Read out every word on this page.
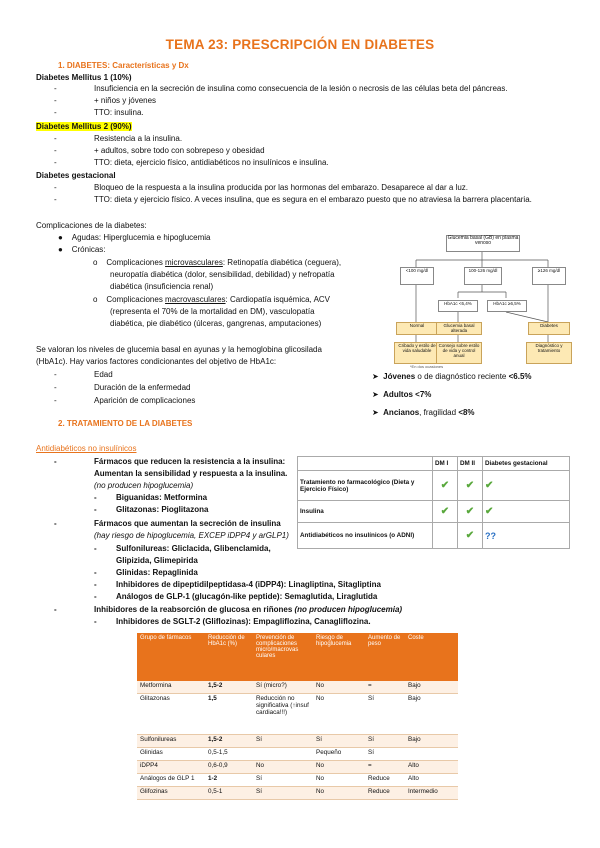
TEMA 23: PRESCRIPCIÓN EN DIABETES
1. DIABETES: Características y Dx
Diabetes Mellitus 1 (10%)
-	Insuficiencia en la secreción de insulina como consecuencia de la lesión o necrosis de las células beta del páncreas.
-	+ niños y jóvenes
-	TTO: insulina.
Diabetes Mellitus 2 (90%)
-	Resistencia a la insulina.
-	+ adultos, sobre todo con sobrepeso y obesidad
-	TTO: dieta, ejercicio físico, antidiabéticos no insulínicos e insulina.
Diabetes gestacional
-	Bloqueo de la respuesta a la insulina producida por las hormonas del embarazo. Desaparece al dar a luz.
-	TTO: dieta y ejercicio físico. A veces insulina, que es segura en el embarazo puesto que no atraviesa la barrera placentaria.
Complicaciones de la diabetes:
●    Agudas: Hiperglucemia e hipoglucemia
●    Crónicas:
o    Complicaciones microvasculares: Retinopatía diabética (ceguera),
neuropatía diabética (dolor, sensibilidad, debilidad) y nefropatía
diabética (insuficiencia renal)
o    Complicaciones macrovasculares: Cardiopatía isquémica, ACV
(representa el 70% de la mortalidad en DM), vasculopatía
diabética, pie diabético (úlceras, gangrenas, amputaciones)
Se valoran los niveles de glucemia basal en ayunas y la hemoglobina glicosilada
(HbA1c). Hay varios factores condicionantes del objetivo de HbA1c:
-	Edad
-	Duración de la enfermedad
-	Aparición de complicaciones
Glucemia basal (GB) en plasma venoso
<100 mg/dl	100-126 mg/dl	≥126 mg/dl
HbA1c <6,4%	HbA1c ≥6,5%
Normal	Glucemia basal alterada
Diabetes
Cribado y estilo de vida saludable
Consejo sobre estilo de vida y control anual
Diagnóstico y tratamiento
*En dos ocasiones
➤  Jóvenes o de diagnóstico reciente <6.5%
➤  Adultos <7%
➤  Ancianos, fragilidad <8%
2. TRATAMIENTO DE LA DIABETES
Antidiabéticos no insulínicos
-	Fármacos que reducen la resistencia a la insulina:
Aumentan la sensibilidad y respuesta a la insulina.
(no producen hipoglucemia)
- Biguanidas: Metformina
- Glitazonas: Pioglitazona
-	Fármacos que aumentan la secreción de insulina
(hay riesgo de hipoglucemia, EXCEP iDPP4 y arGLP1)
- Sulfonilureas: Gliclacida, Glibenclamida,
Glipizida, Glimepirida
- Glinidas: Repaglinida
- Inhibidores de dipeptidilpeptidasa-4 (iDPP4): Linagliptina, Sitagliptina
- Análogos de GLP-1 (glucagón-like peptide): Semaglutida, Liraglutida
-	Inhibidores de la reabsorción de glucosa en riñones (no producen hipoglucemia)
- Inhibidores de SGLT-2 (Gliflozinas): Empagliflozina, Canagliflozina.
	DM I	DM II	Diabetes gestacional
Tratamiento no farmacológico (Dieta y Ejercicio Físico)	✔	✔	✔
Insulina	✔	✔	✔
Antidiabéticos no insulínicos (o ADNI)		✔	??
Grupo de fármacos	Reducción de HbA1c (%)	Prevención de complicaciones micro/macrovas culares	Riesgo de hipoglucemia	Aumento de peso	Coste
Metformina	1,5-2	Sí (micro?)	No	=	Bajo
Glitazonas	1,5	Reducción no significativa (↑insuf cardiaca!!!)	No	Sí	Bajo
Sulfonilureas	1,5-2	Sí	Sí	Sí	Bajo
Glinidas	0,5-1,5		Pequeño	Sí	
iDPP4	0,6-0,9	No	No	=	Alto
Análogos de GLP 1	1-2	Sí	No	Reduce	Alto
Glifozinas	0,5-1	Sí	No	Reduce	Intermedio
